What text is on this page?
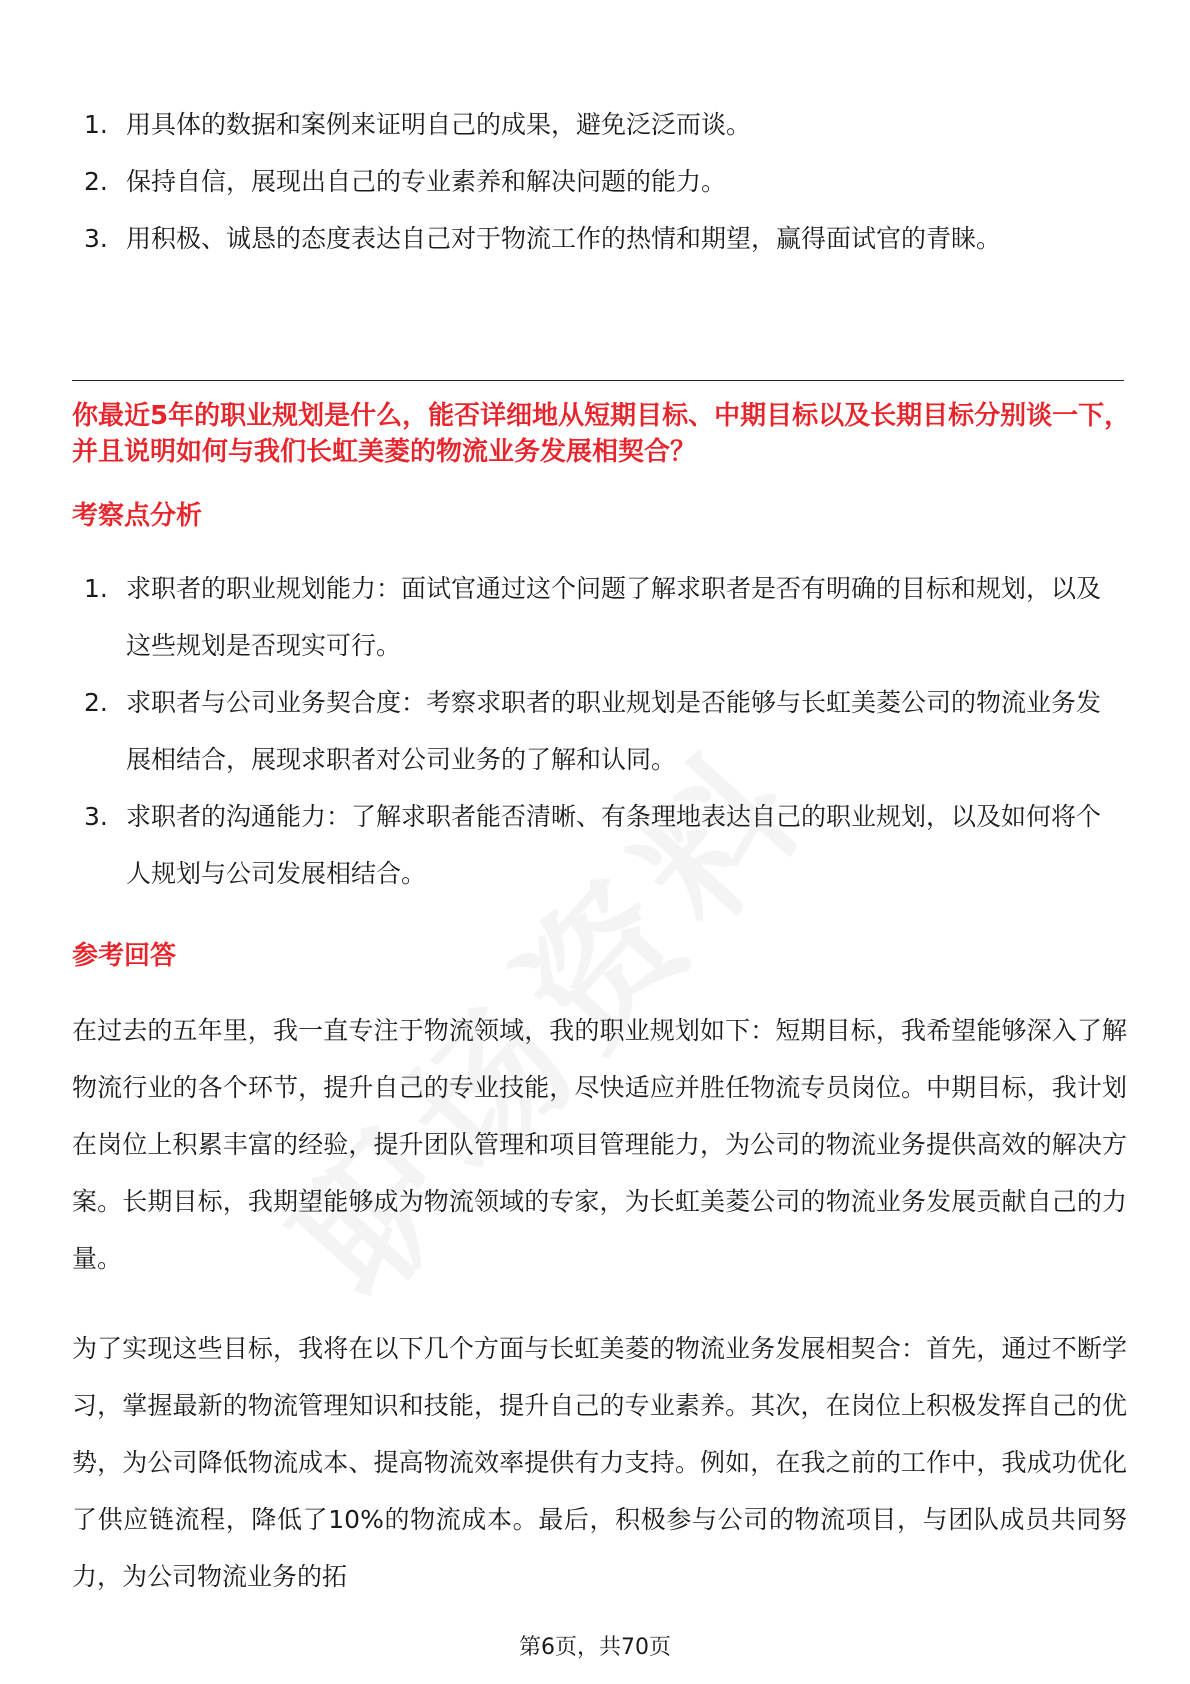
1. 用具体的数据和案例来证明自己的成果，避免泛泛而谈。
2. 保持自信，展现出自己的专业素养和解决问题的能力。
3. 用积极、诚恳的态度表达自己对于物流工作的热情和期望，赢得面试官的青睐。
你最近5年的职业规划是什么，能否详细地从短期目标、中期目标以及长期目标分别谈一下，并且说明如何与我们长虹美菱的物流业务发展相契合？
考察点分析
1. 求职者的职业规划能力：面试官通过这个问题了解求职者是否有明确的目标和规划，以及这些规划是否现实可行。
2. 求职者与公司业务契合度：考察求职者的职业规划是否能够与长虹美菱公司的物流业务发展相结合，展现求职者对公司业务的了解和认同。
3. 求职者的沟通能力：了解求职者能否清晰、有条理地表达自己的职业规划，以及如何将个人规划与公司发展相结合。
参考回答

在过去的五年里，我一直专注于物流领域，我的职业规划如下：短期目标，我希望能够深入了解物流行业的各个环节，提升自己的专业技能，尽快适应并胜任物流专员岗位。中期目标，我计划在岗位上积累丰富的经验，提升团队管理和项目管理能力，为公司的物流业务提供高效的解决方案。长期目标，我期望能够成为物流领域的专家，为长虹美菱公司的物流业务发展贡献自己的力量。

为了实现这些目标，我将在以下几个方面与长虹美菱的物流业务发展相契合：首先，通过不断学习，掌握最新的物流管理知识和技能，提升自己的专业素养。其次，在岗位上积极发挥自己的优势，为公司降低物流成本、提高物流效率提供有力支持。例如，在我之前的工作中，我成功优化了供应链流程，降低了10%的物流成本。最后，积极参与公司的物流项目，与团队成员共同努力，为公司物流业务的拓

第6页，共70页
